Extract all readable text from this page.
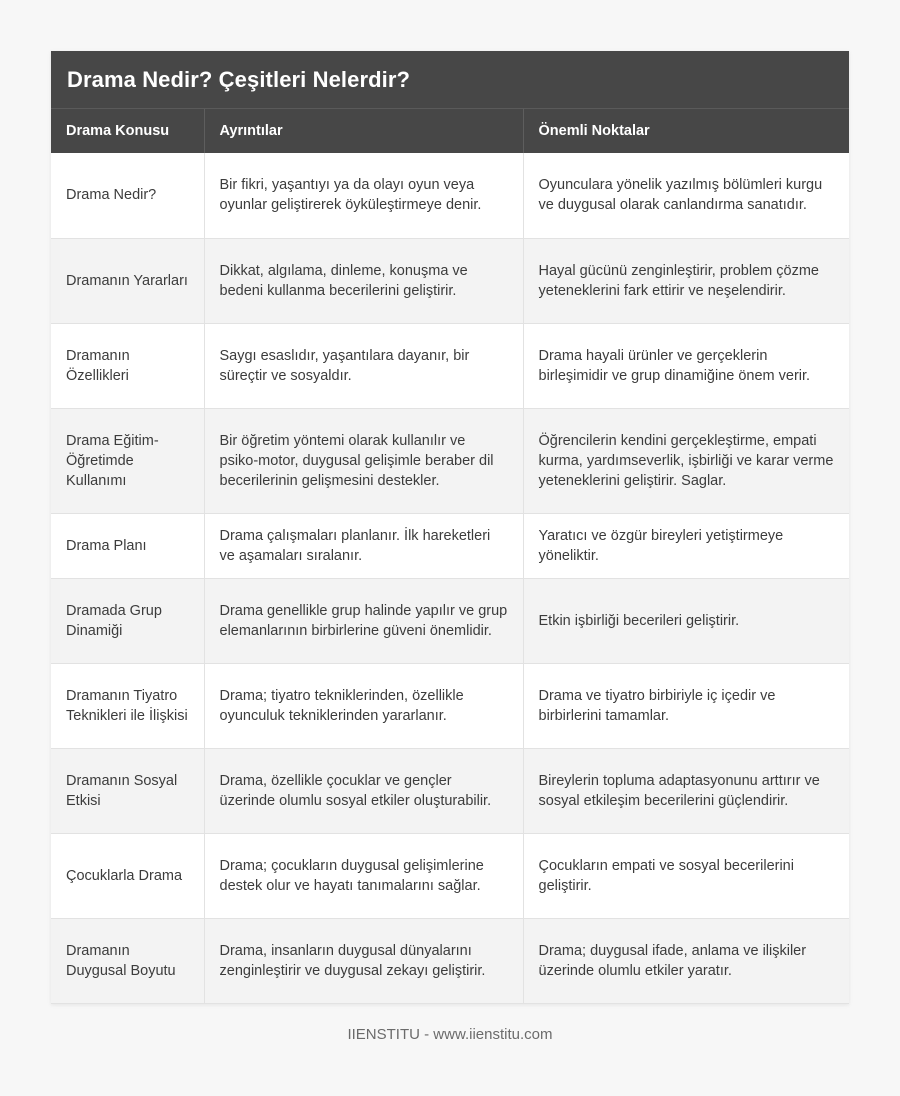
Drama Nedir? Çeşitleri Nelerdir?
Drama Konusu	Ayrıntılar	Önemli Noktalar
Drama Nedir?	Bir fikri, yaşantıyı ya da olayı oyun veya oyunlar geliştirerek öyküleştirmeye denir.	Oyunculara yönelik yazılmış bölümleri kurgu ve duygusal olarak canlandırma sanatıdır.
Dramanın Yararları	Dikkat, algılama, dinleme, konuşma ve bedeni kullanma becerilerini geliştirir.	Hayal gücünü zenginleştirir, problem çözme yeteneklerini fark ettirir ve neşelendirir.
Dramanın Özellikleri	Saygı esaslıdır, yaşantılara dayanır, bir süreçtir ve sosyaldır.	Drama hayali ürünler ve gerçeklerin birleşimidir ve grup dinamiğine önem verir.
Drama Eğitim-Öğretimde Kullanımı	Bir öğretim yöntemi olarak kullanılır ve psiko-motor, duygusal gelişimle beraber dil becerilerinin gelişmesini destekler.	Öğrencilerin kendini gerçekleştirme, empati kurma, yardımseverlik, işbirliği ve karar verme yeteneklerini geliştirir. Saglar.
Drama Planı	Drama çalışmaları planlanır. İlk hareketleri ve aşamaları sıralanır.	Yaratıcı ve özgür bireyleri yetiştirmeye yöneliktir.
Dramada Grup Dinamiği	Drama genellikle grup halinde yapılır ve grup elemanlarının birbirlerine güveni önemlidir.	Etkin işbirliği becerileri geliştirir.
Dramanın Tiyatro Teknikleri ile İlişkisi	Drama; tiyatro tekniklerinden, özellikle oyunculuk tekniklerinden yararlanır.	Drama ve tiyatro birbiriyle iç içedir ve birbirlerini tamamlar.
Dramanın Sosyal Etkisi	Drama, özellikle çocuklar ve gençler üzerinde olumlu sosyal etkiler oluşturabilir.	Bireylerin topluma adaptasyonunu arttırır ve sosyal etkileşim becerilerini güçlendirir.
Çocuklarla Drama	Drama; çocukların duygusal gelişimlerine destek olur ve hayatı tanımalarını sağlar.	Çocukların empati ve sosyal becerilerini geliştirir.
Dramanın Duygusal Boyutu	Drama, insanların duygusal dünyalarını zenginleştirir ve duygusal zekayı geliştirir.	Drama; duygusal ifade, anlama ve ilişkiler üzerinde olumlu etkiler yaratır.
IIENSTITU - www.iienstitu.com
